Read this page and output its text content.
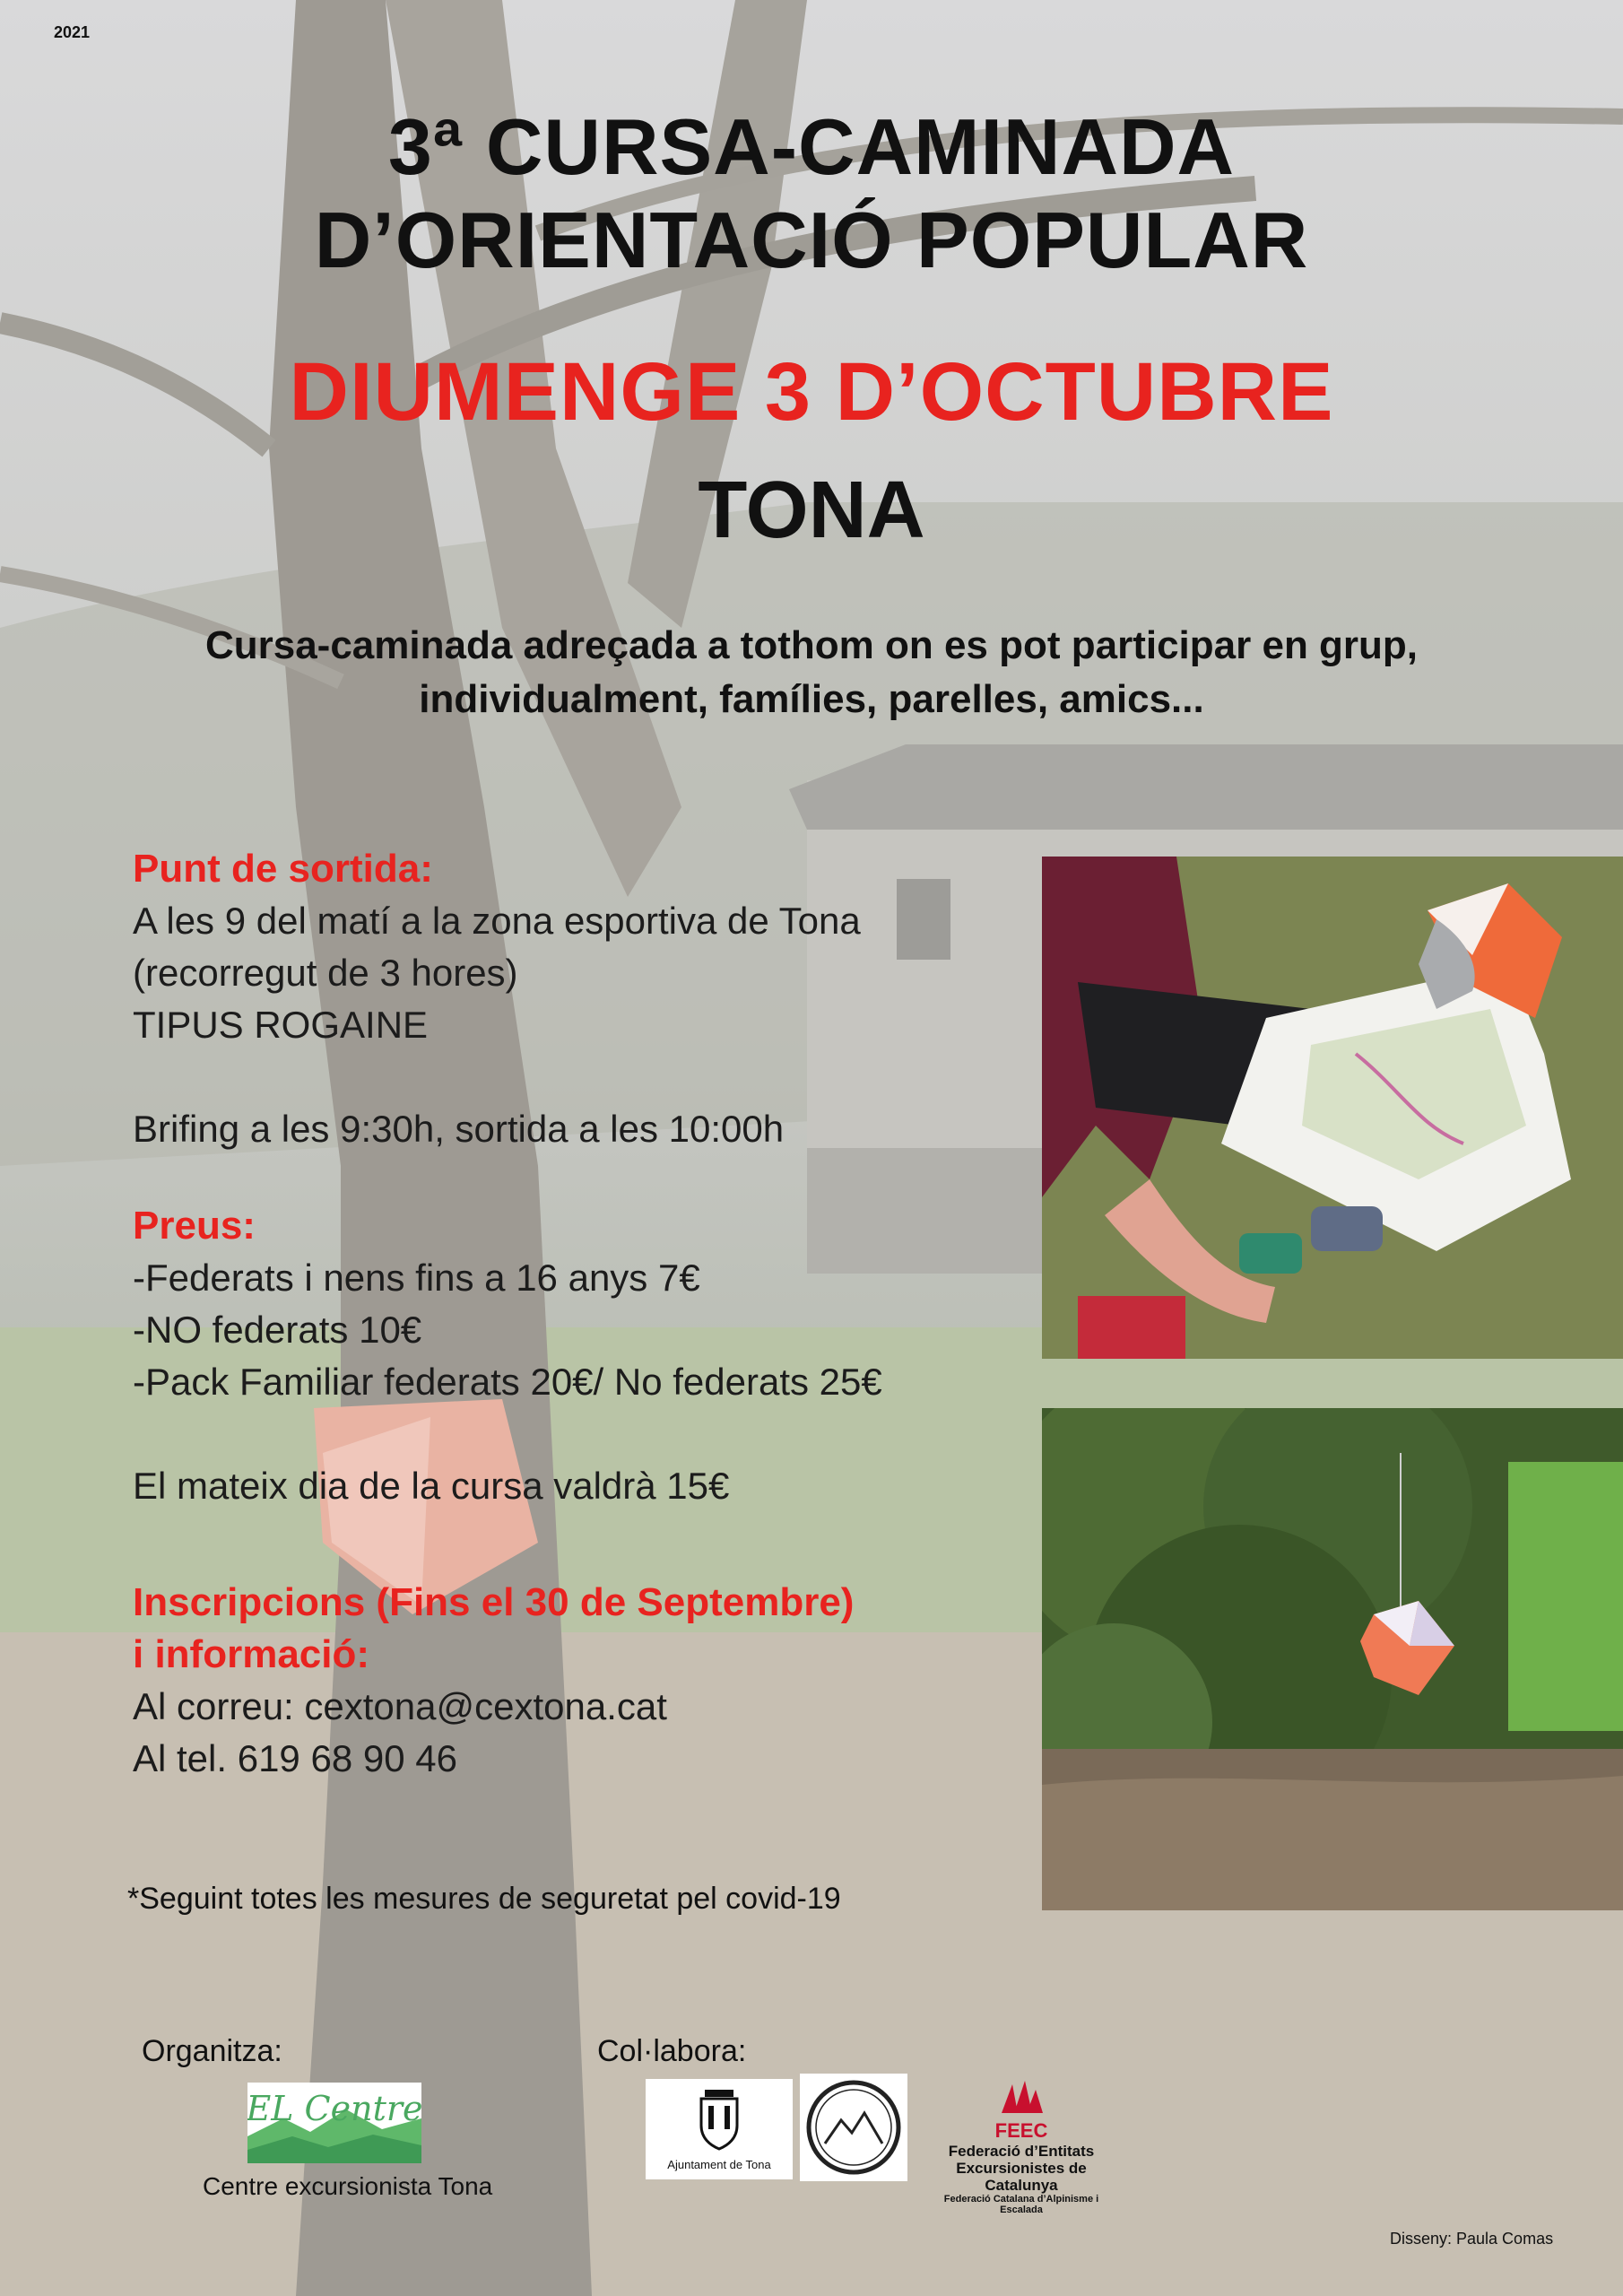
2021
3ª CURSA-CAMINADA
D’ORIENTACIÓ POPULAR
DIUMENGE 3 D’OCTUBRE
TONA
Cursa-caminada adreçada a tothom on es pot participar en grup,
individualment, famílies, parelles, amics...
Punt de sortida:
A les 9 del matí a la zona esportiva de Tona
(recorregut de 3 hores)
TIPUS ROGAINE
Brifing a les 9:30h, sortida a les 10:00h
Preus:
-Federats i nens fins a 16 anys 7€
-NO federats 10€
-Pack Familiar federats 20€/ No federats 25€
El mateix dia de la cursa valdrà 15€
Inscripcions (Fins el 30 de Septembre)
i informació:
Al correu: cextona@cextona.cat
Al tel. 619 68 90 46
*Seguint totes les mesures de seguretat pel covid-19
Organitza:
EL Centre
Centre excursionista Tona
Col·labora:
Ajuntament de Tona
FEEC
Federació d’Entitats
Excursionistes de Catalunya
Federació Catalana d’Alpinisme i Escalada
Disseny: Paula Comas
